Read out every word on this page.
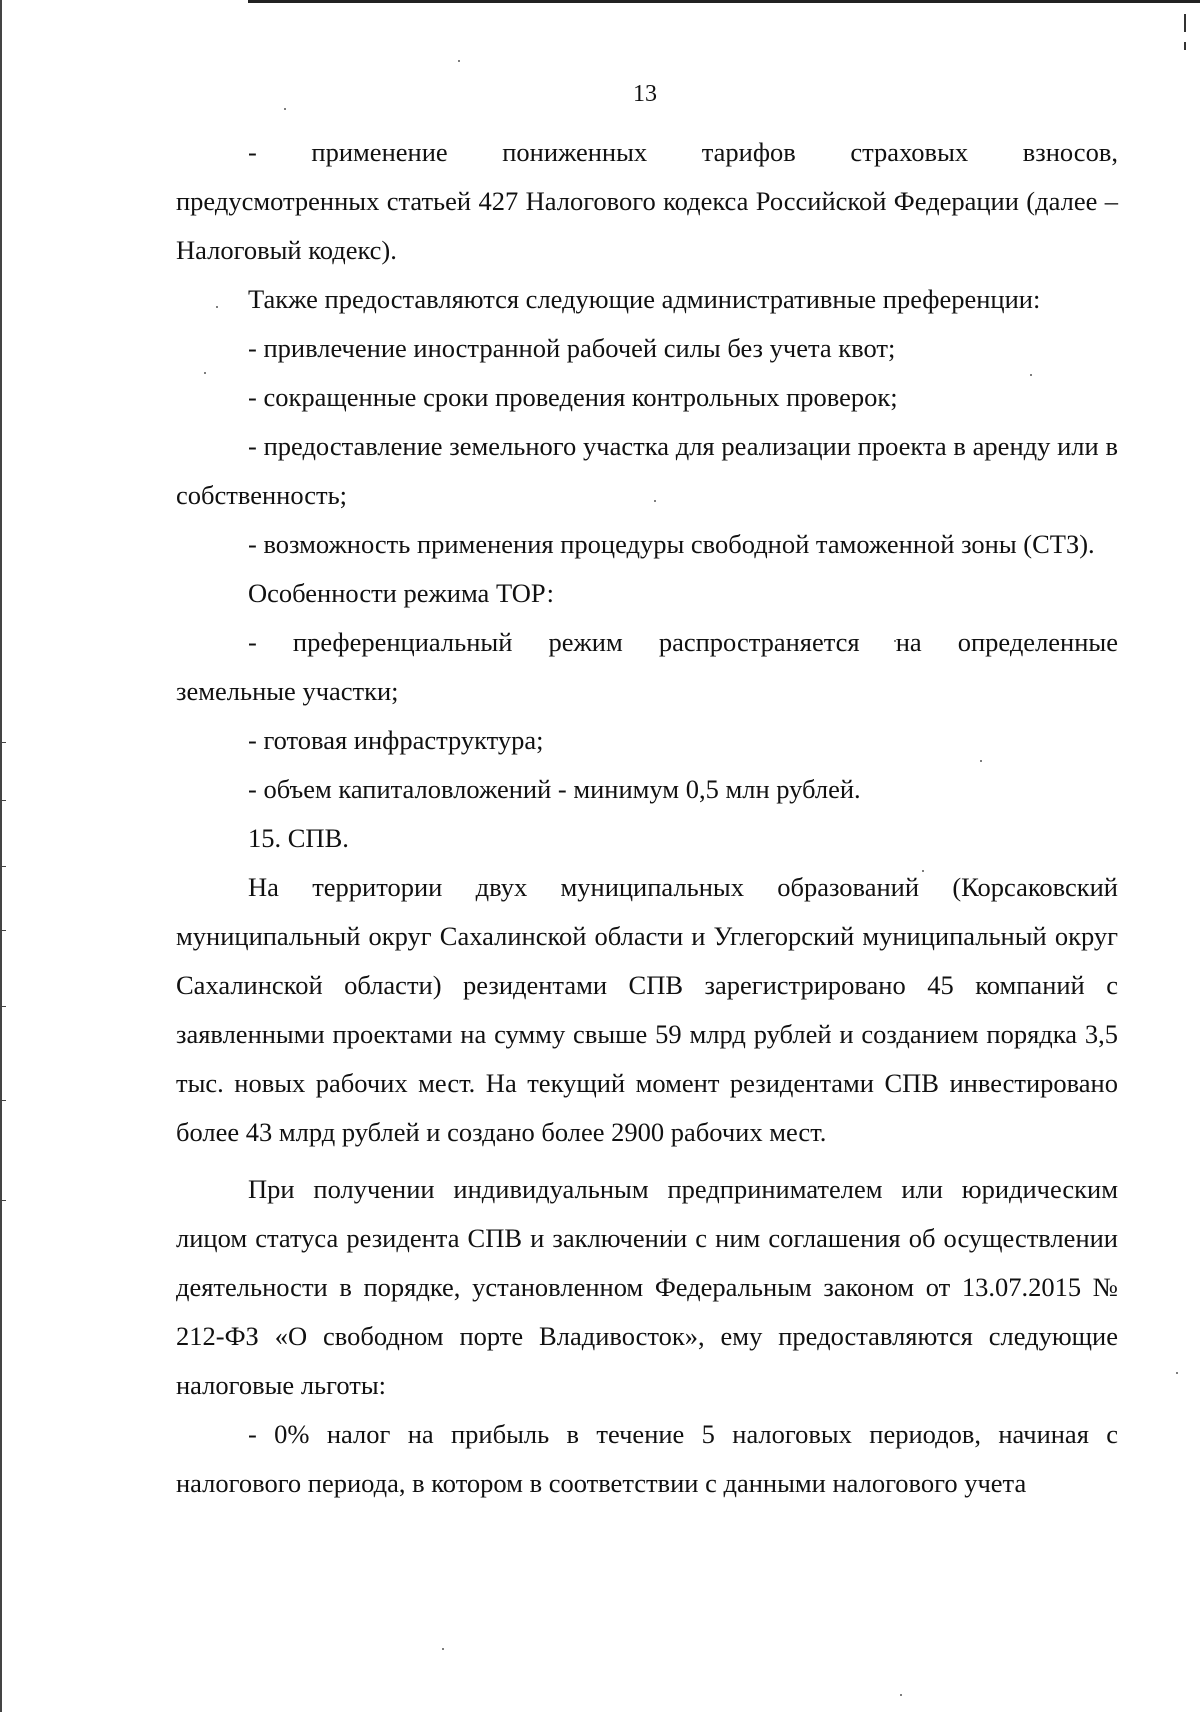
13
- применение пониженных тарифов страховых взносов,

предусмотренных статьей 427 Налогового кодекса Российской Федерации (далее – Налоговый кодекс).

Также предоставляются следующие административные преференции:

- привлечение иностранной рабочей силы без учета квот;

- сокращенные сроки проведения контрольных проверок;

- предоставление земельного участка для реализации проекта в аренду или в собственность;

- возможность применения процедуры свободной таможенной зоны (СТЗ).

Особенности режима ТОР:

- преференциальный режим распространяется на определенные

земельные участки;

- готовая инфраструктура;

- объем капиталовложений - минимум 0,5 млн рублей.

15. СПВ.

На территории двух муниципальных образований (Корсаковский муниципальный округ Сахалинской области и Углегорский муниципальный округ Сахалинской области) резидентами СПВ зарегистрировано 45 компаний с заявленными проектами на сумму свыше 59 млрд рублей и созданием порядка 3,5 тыс. новых рабочих мест. На текущий момент резидентами СПВ инвестировано более 43 млрд рублей и создано более 2900 рабочих мест.

При получении индивидуальным предпринимателем или юридическим лицом статуса резидента СПВ и заключении с ним соглашения об осуществлении деятельности в порядке, установленном Федеральным законом от 13.07.2015 № 212-ФЗ «О свободном порте Владивосток», ему предоставляются следующие налоговые льготы:

- 0% налог на прибыль в течение 5 налоговых периодов, начиная с налогового периода, в котором в соответствии с данными налогового учета
